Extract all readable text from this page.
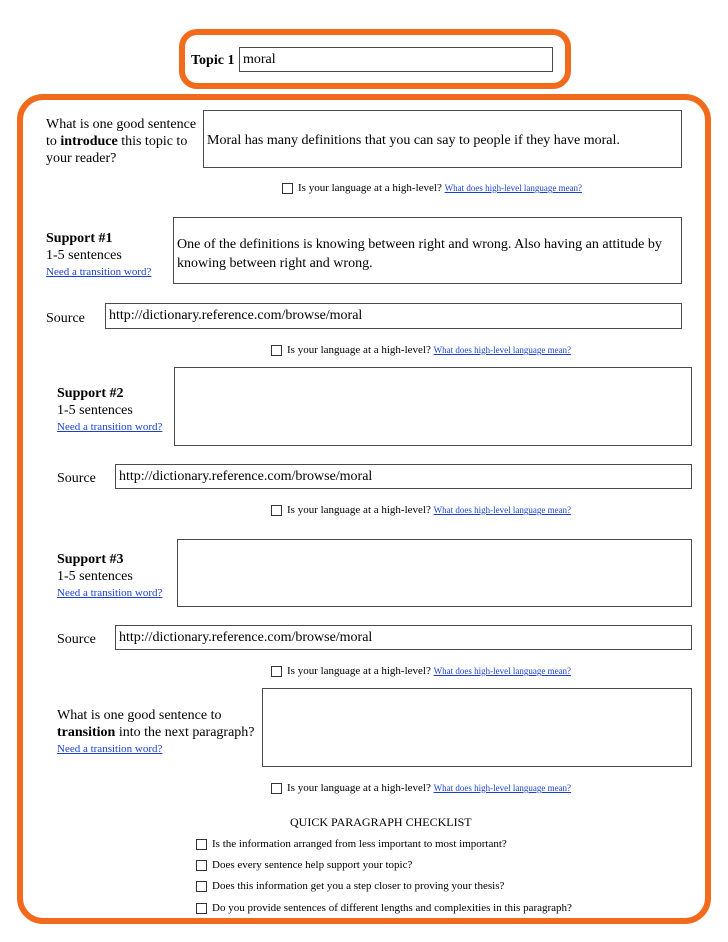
Topic 1 moral
What is one good sentence
to introduce this topic to
your reader?
Moral has many definitions that you can say to people if they have moral.
Is your language at a high-level? What does high-level language mean?
Support #1
1-5 sentences
Need a transition word?
One of the definitions is knowing between right and wrong. Also having an attitude by knowing between right and wrong.
Source http://dictionary.reference.com/browse/moral
Is your language at a high-level? What does high-level language mean?
Support #2
1-5 sentences
Need a transition word?
Source http://dictionary.reference.com/browse/moral
Is your language at a high-level? What does high-level language mean?
Support #3
1-5 sentences
Need a transition word?
Source http://dictionary.reference.com/browse/moral
Is your language at a high-level? What does high-level language mean?
What is one good sentence to
transition into the next paragraph?
Need a transition word?
Is your language at a high-level? What does high-level language mean?
QUICK PARAGRAPH CHECKLIST
Is the information arranged from less important to most important?
Does every sentence help support your topic?
Does this information get you a step closer to proving your thesis?
Do you provide sentences of different lengths and complexities in this paragraph?
